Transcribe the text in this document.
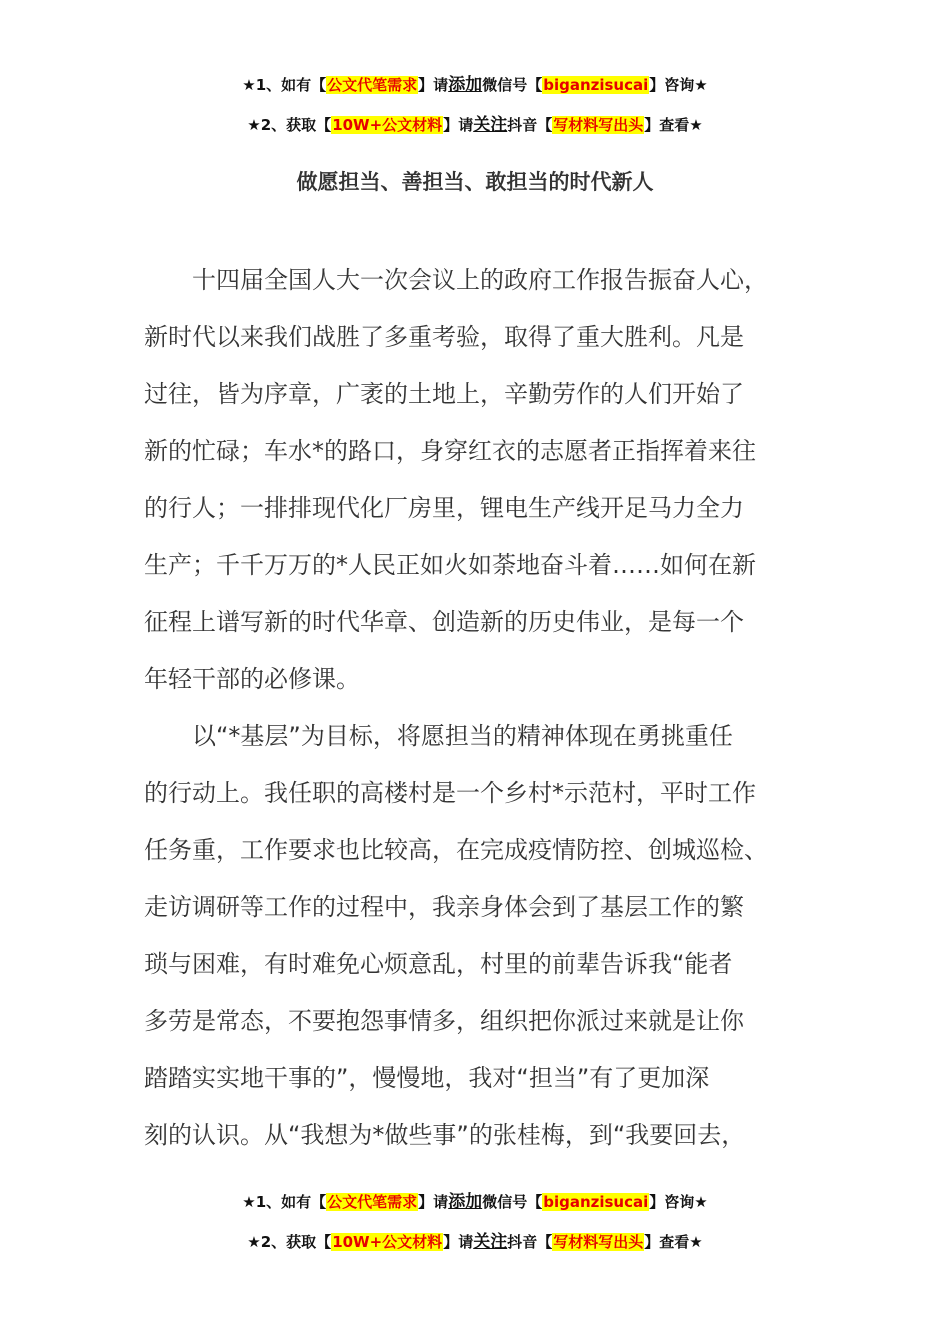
★1、如有【公文代笔需求】请添加微信号【biganzisucai】咨询★
★2、获取【10W+公文材料】请关注抖音【写材料写出头】查看★
做愿担当、善担当、敢担当的时代新人
　　十四届全国人大一次会议上的政府工作报告振奋人心，
新时代以来我们战胜了多重考验，取得了重大胜利。凡是
过往，皆为序章，广袤的土地上，辛勤劳作的人们开始了
新的忙碌；车水*的路口，身穿红衣的志愿者正指挥着来往
的行人；一排排现代化厂房里，锂电生产线开足马力全力
生产；千千万万的*人民正如火如荼地奋斗着……如何在新
征程上谱写新的时代华章、创造新的历史伟业，是每一个
年轻干部的必修课。
　　以“*基层”为目标，将愿担当的精神体现在勇挑重任
的行动上。我任职的高楼村是一个乡村*示范村，平时工作
任务重，工作要求也比较高，在完成疫情防控、创城巡检、
走访调研等工作的过程中，我亲身体会到了基层工作的繁
琐与困难，有时难免心烦意乱，村里的前辈告诉我“能者
多劳是常态，不要抱怨事情多，组织把你派过来就是让你
踏踏实实地干事的”，慢慢地，我对“担当”有了更加深
刻的认识。从“我想为*做些事”的张桂梅，到“我要回去，
★1、如有【公文代笔需求】请添加微信号【biganzisucai】咨询★
★2、获取【10W+公文材料】请关注抖音【写材料写出头】查看★
